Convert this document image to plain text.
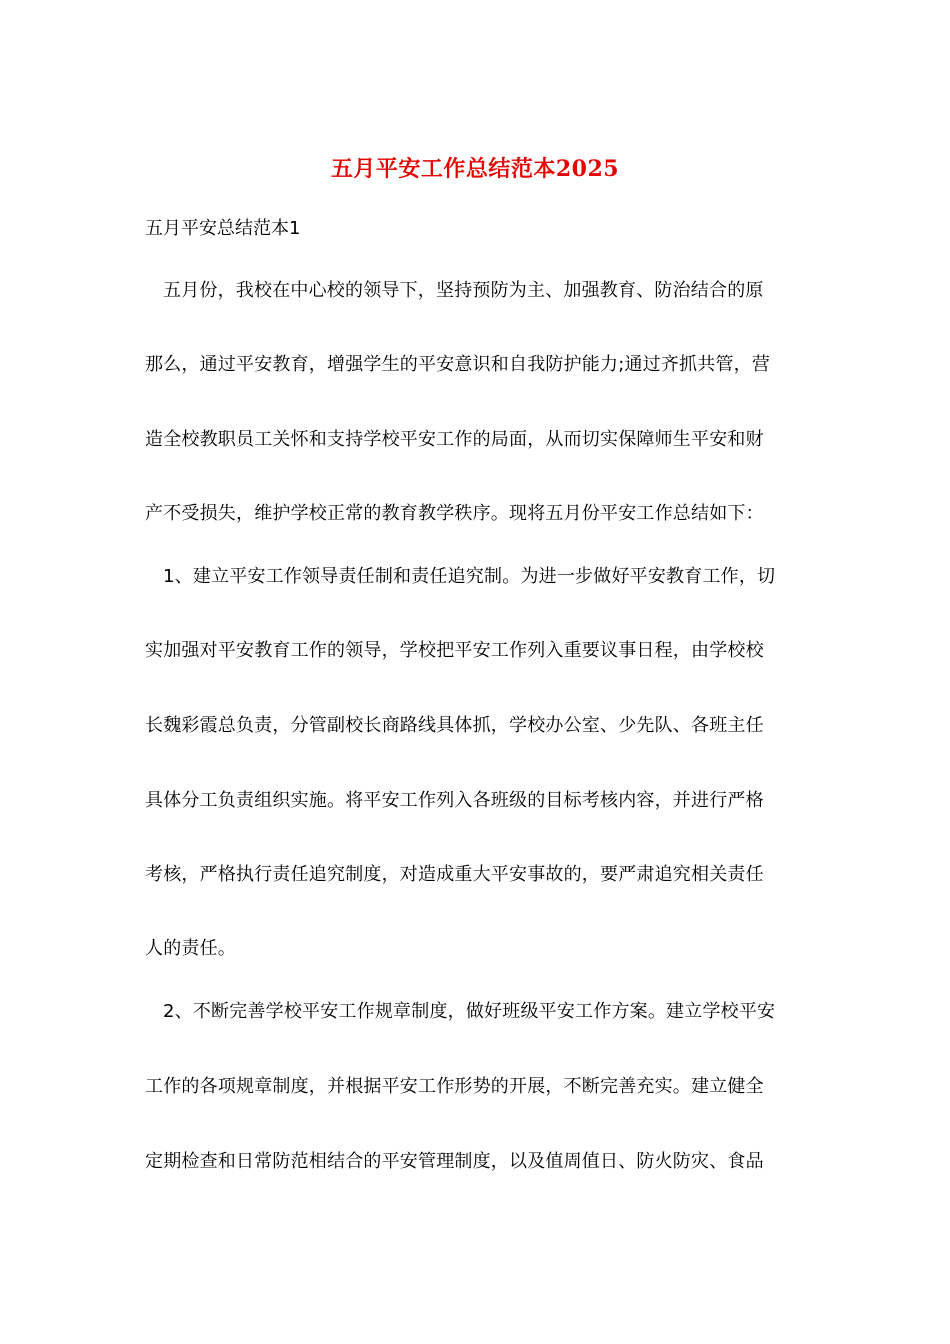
五月平安工作总结范本2025
五月平安总结范本1
五月份，我校在中心校的领导下，坚持预防为主、加强教育、防治结合的原
那么，通过平安教育，增强学生的平安意识和自我防护能力;通过齐抓共管，营
造全校教职员工关怀和支持学校平安工作的局面，从而切实保障师生平安和财
产不受损失，维护学校正常的教育教学秩序。现将五月份平安工作总结如下：
1、建立平安工作领导责任制和责任追究制。为进一步做好平安教育工作，切
实加强对平安教育工作的领导，学校把平安工作列入重要议事日程，由学校校
长魏彩霞总负责，分管副校长商路线具体抓，学校办公室、少先队、各班主任
具体分工负责组织实施。将平安工作列入各班级的目标考核内容，并进行严格
考核，严格执行责任追究制度，对造成重大平安事故的，要严肃追究相关责任
人的责任。
2、不断完善学校平安工作规章制度，做好班级平安工作方案。建立学校平安
工作的各项规章制度，并根据平安工作形势的开展，不断完善充实。建立健全
定期检查和日常防范相结合的平安管理制度，以及值周值日、防火防灾、食品
